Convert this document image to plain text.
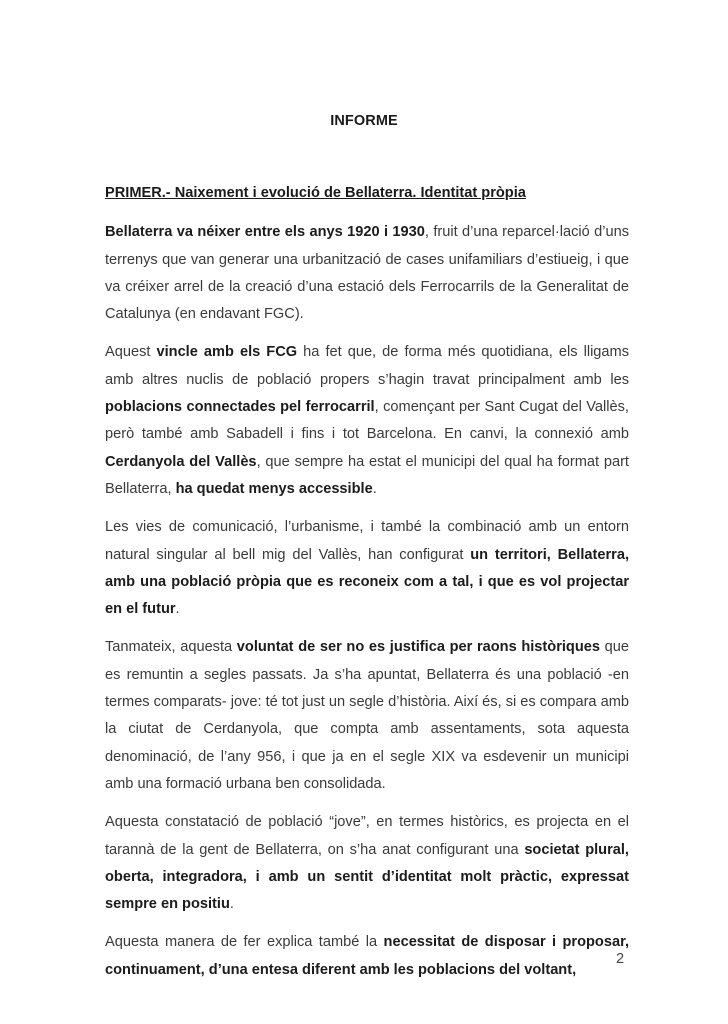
INFORME
PRIMER.- Naixement i evolució de Bellaterra. Identitat pròpia

Bellaterra va néixer entre els anys 1920 i 1930, fruit d’una reparcel·lació d’uns terrenys que van generar una urbanització de cases unifamiliars d’estiueig, i que va créixer arrel de la creació d’una estació dels Ferrocarrils de la Generalitat de Catalunya (en endavant FGC).

Aquest vincle amb els FCG ha fet que, de forma més quotidiana, els lligams amb altres nuclis de població propers s’hagin travat principalment amb les poblacions connectades pel ferrocarril, començant per Sant Cugat del Vallès, però també amb Sabadell i fins i tot Barcelona. En canvi, la connexió amb Cerdanyola del Vallès, que sempre ha estat el municipi del qual ha format part Bellaterra, ha quedat menys accessible.

Les vies de comunicació, l’urbanisme, i també la combinació amb un entorn natural singular al bell mig del Vallès, han configurat un territori, Bellaterra, amb una població pròpia que es reconeix com a tal, i que es vol projectar en el futur.

Tanmateix, aquesta voluntat de ser no es justifica per raons històriques que es remuntin a segles passats. Ja s’ha apuntat, Bellaterra és una població -en termes comparats- jove: té tot just un segle d’història. Així és, si es compara amb la ciutat de Cerdanyola, que compta amb assentaments, sota aquesta denominació, de l’any 956, i que ja en el segle XIX va esdevenir un municipi amb una formació urbana ben consolidada.

Aquesta constatació de població “jove”, en termes històrics, es projecta en el tarannà de la gent de Bellaterra, on s’ha anat configurant una societat plural, oberta, integradora, i amb un sentit d’identitat molt pràctic, expressat sempre en positiu.

Aquesta manera de fer explica també la necessitat de disposar i proposar, continuament, d’una entesa diferent amb les poblacions del voltant,

2
